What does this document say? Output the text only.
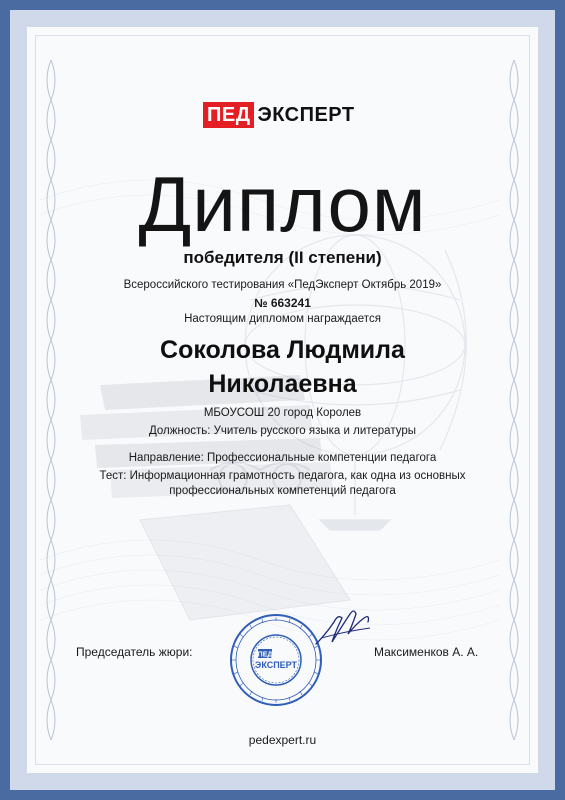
ПЕД ЭКСПЕРТ
Диплом
победителя (II степени)
Всероссийского тестирования «ПедЭксперт Октябрь 2019»
№ 663241
Настоящим дипломом награждается
Соколова Людмила
Николаевна
МБОУСОШ 20 город Королев
Должность: Учитель русского языка и литературы
Направление: Профессиональные компетенции педагога
Тест: Информационная грамотность педагога, как одна из основных
профессиональных компетенций педагога
Председатель жюри:	Максименков А. А.
ПЕД
ЭКСПЕРТ
pedexpert.ru
